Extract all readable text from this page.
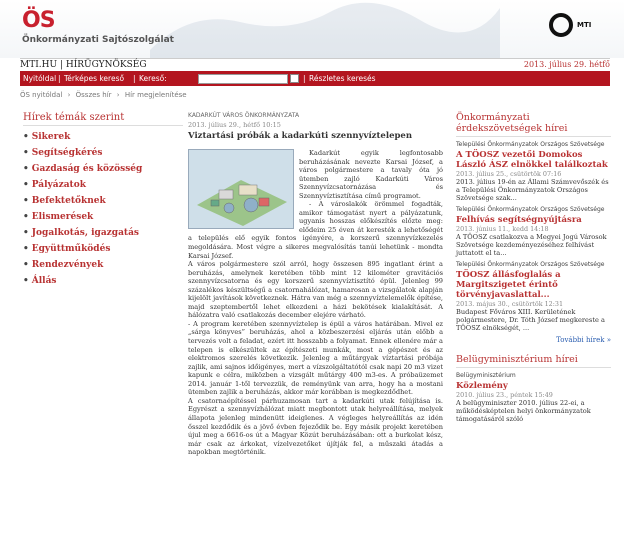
ÖS
Önkormányzati Sajtószolgálat
MTI
MTI.HU | HÍRÜGYNÖKSÉG	2013. július 29. hétfő
Nyitóldal | Térképes kereső | Kereső:	| Részletes keresés
ÖS nyitóldal › Összes hír › Hír megjelenítése
Hírek témák szerint
• Sikerek
• Segítségkérés
• Gazdaság és közösség
• Pályázatok
• Befektetőknek
• Elismerések
• Jogalkotás, igazgatás
• Együttműködés
• Rendezvények
• Állás
KADARKÚT VÁROS ÖNKORMÁNYZATA
2013. július 29., hétfő 10:15
Viztartási próbák a kadarkúti szennyvíztelepen

Kadarkút egyik legfontosabb beruházásának nevezte Karsai József, a város polgármestere a tavaly óta jó ütemben zajló Kadarkúti Város Szennyvízcsatornázása és Szennyvíztisztítása című programot.

- A városlakók örömmel fogadták, amikor támogatást nyert a pályázatunk, ugyanis hosszas előkészítés előzte meg: elődeim 25 éven át keresték a lehetőségét a település elő egyik fontos igényére, a korszerű szennyvízkezelés megoldására. Most végre a sikeres megvalósítás tanúi lehetünk - mondta Karsai József.

A város polgármestere szól arról, hogy összesen 895 ingatlant érint a beruházás, amelynek keretében több mint 12 kilométer gravitációs szennyvízcsatorna és egy korszerű szennyvíztisztító épül. Jelenleg 99 százalékos készültségű a csatornahálózat, hamarosan a vizsgálatok alapján kijelölt javítások következnek. Hátra van még a szennyvíztelemelők építése, majd szeptembertől lehet elkezdeni a házi bekötések kialakítását. A hálózatra való csatlakozás december elejére várható.

- A program keretében szennyvíztelep is épül a város határában. Mivel ez „sárga könyves” beruházás, ahol a közbeszerzési eljárás után előbb a tervezés volt a feladat, ezért itt hosszabb a folyamat. Ennek ellenére már a telepen is elkészültek az építészeti munkák, most a gépészet és az elektromos szerelés következik. Jelenleg a műtárgyak víztartási próbája zajlik, ami sajnos időigényes, mert a vízszolgáltatótól csak napi 20 m3 vizet kapunk e célra, miközben a vizsgált műtárgy 400 m3-es. A próbaüzemet 2014. január 1-től tervezzük, de reményünk van arra, hogy ha a mostani ütemben zajlik a beruházás, akkor már korábban is megkezdődhet.

A csatornaépítéssel párhuzamosan tart a kadarkúti utak felújítása is. Egyrészt a szennyvízhálózat miatt megbontott utak helyreállítása, melyek állapota jelenleg mindenütt ideiglenes. A végleges helyreállítás az idén ősszel kezdődik és a jövő évben fejeződik be. Egy másik projekt keretében újul meg a 6616-os út a Magyar Közút beruházásában: ott a burkolat kész, már csak az árkokat, vízelvezetőket újítják fel, a műszaki átadás a napokban megtörténik.

Önkormányzati érdekszövetségek hírei
Települési Önkormányzatok Országos Szövetsége
A TÖOSZ vezetői Domokos László ÁSZ elnökkel találkoztak
2013. július 25., csütörtök 07:16
2013. július 19-én az Állami Számvevőszék és a Települési Önkormányzatok Országos Szövetsége szak...
Települési Önkormányzatok Országos Szövetsége
Felhívás segítségnyújtásra
2013. június 11., kedd 14:18
A TÖOSZ csatlakozva a Megyei Jogú Városok Szövetsége kezdeményezéséhez felhívást juttatott el ta...
Települési Önkormányzatok Országos Szövetsége
TÖOSZ állásfoglalás a Margitszigetet érintő törvényjavaslattal...
2013. május 30., csütörtök 12:31
Budapest Főváros XIII. Kerületének polgármestere, Dr. Tóth József megkereste a TÖOSZ elnökségét, ...
További hírek »
Belügyminisztérium hírei
Belügyminisztérium
Közlemény
2010. július 23., péntek 15:49
A belügyminiszter 2010. július 22-ei, a működésképtelen helyi önkormányzatok támogatásáról szóló
